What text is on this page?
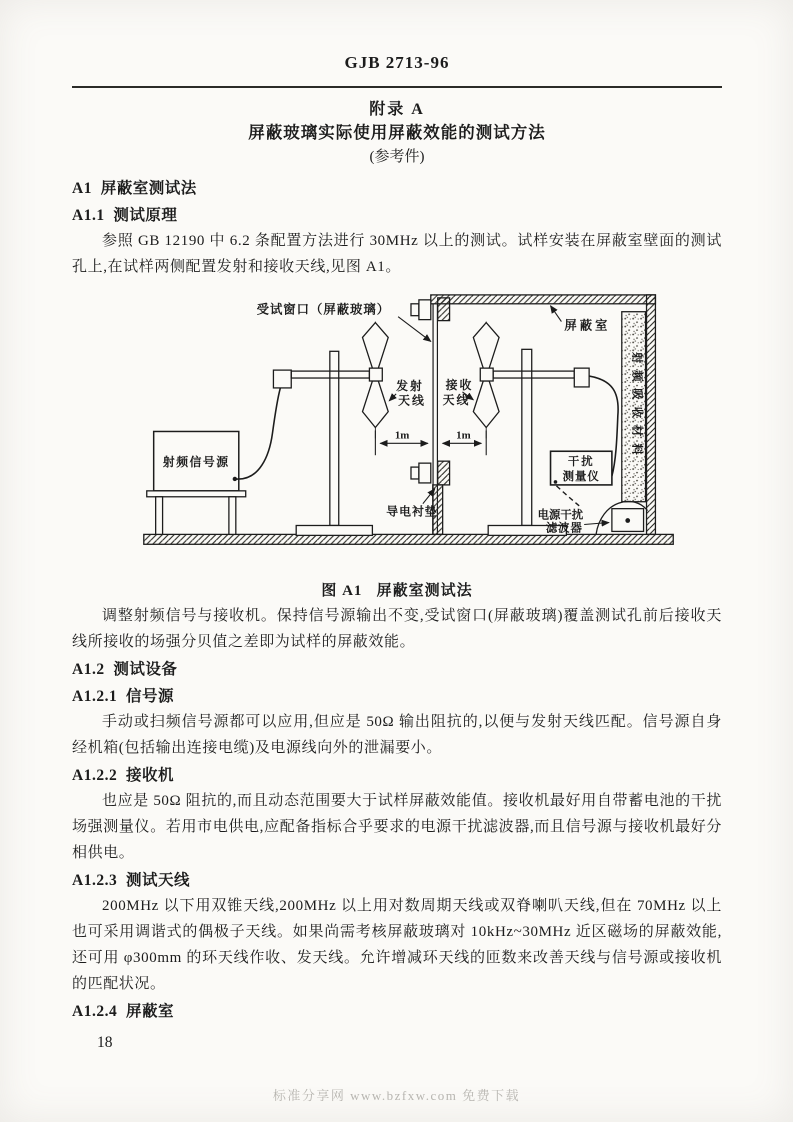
GJB 2713-96
附录 A
屏蔽玻璃实际使用屏蔽效能的测试方法
(参考件)
A1  屏蔽室测试法
A1.1  测试原理
参照 GB 12190 中 6.2 条配置方法进行 30MHz 以上的测试。试样安装在屏蔽室壁面的测试孔上,在试样两侧配置发射和接收天线,见图 A1。
受试窗口（屏蔽玻璃）
屏蔽室
射频吸收材料
发射
天线
接收
天线
1m	1m
射频信号源	干扰
测量仪
导电衬垫	电源干扰
滤波器
图 A1   屏蔽室测试法
调整射频信号与接收机。保持信号源输出不变,受试窗口(屏蔽玻璃)覆盖测试孔前后接收天线所接收的场强分贝值之差即为试样的屏蔽效能。
A1.2  测试设备
A1.2.1  信号源
手动或扫频信号源都可以应用,但应是 50Ω 输出阻抗的,以便与发射天线匹配。信号源自身经机箱(包括输出连接电缆)及电源线向外的泄漏要小。
A1.2.2  接收机
也应是 50Ω 阻抗的,而且动态范围要大于试样屏蔽效能值。接收机最好用自带蓄电池的干扰场强测量仪。若用市电供电,应配备指标合乎要求的电源干扰滤波器,而且信号源与接收机最好分相供电。
A1.2.3  测试天线
200MHz 以下用双锥天线,200MHz 以上用对数周期天线或双脊喇叭天线,但在 70MHz 以上也可采用调谐式的偶极子天线。如果尚需考核屏蔽玻璃对 10kHz~30MHz 近区磁场的屏蔽效能,还可用 φ300mm 的环天线作收、发天线。允许增减环天线的匝数来改善天线与信号源或接收机的匹配状况。
A1.2.4  屏蔽室
18
标准分享网 www.bzfxw.com 免费下载
